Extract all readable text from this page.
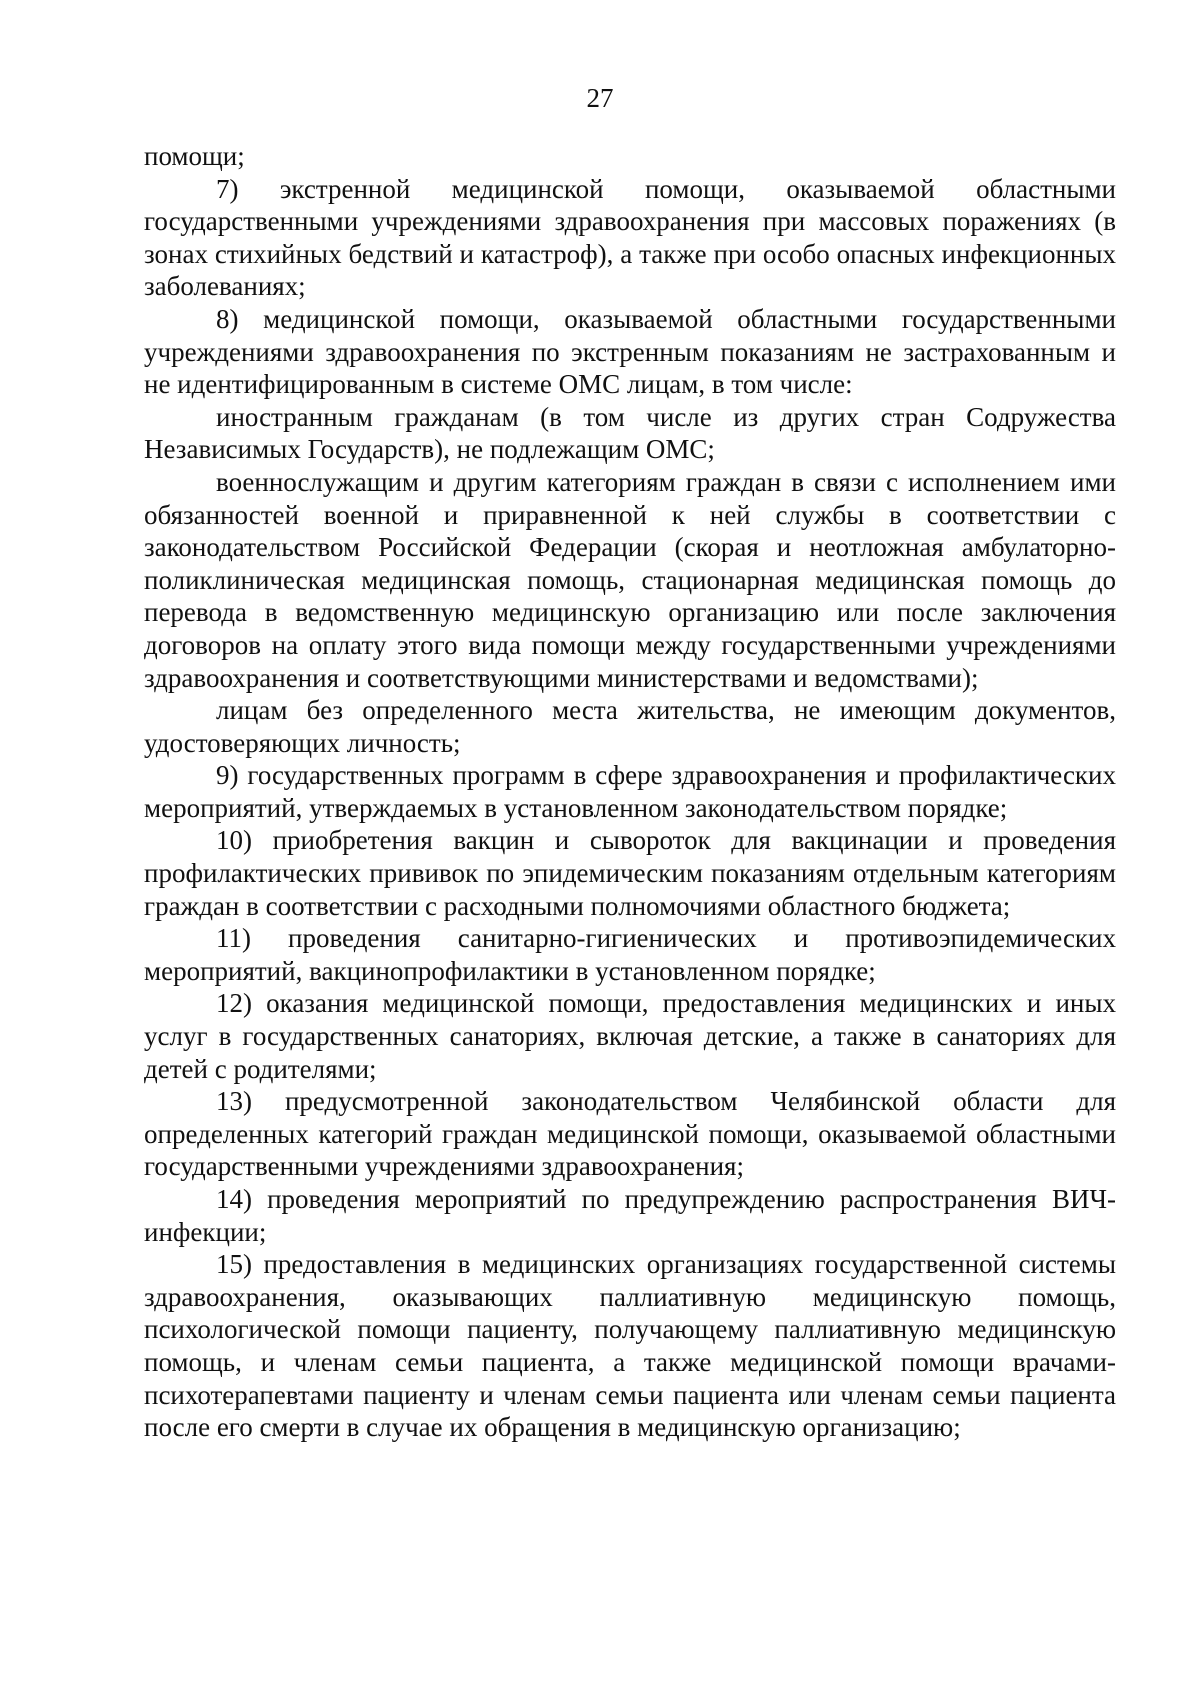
27

помощи;

7) экстренной медицинской помощи, оказываемой областными государственными учреждениями здравоохранения при массовых поражениях (в зонах стихийных бедствий и катастроф), а также при особо опасных инфекционных заболеваниях;

8) медицинской помощи, оказываемой областными государственными учреждениями здравоохранения по экстренным показаниям не застрахованным и не идентифицированным в системе ОМС лицам, в том числе:

иностранным гражданам (в том числе из других стран Содружества Независимых Государств), не подлежащим ОМС;

военнослужащим и другим категориям граждан в связи с исполнением ими обязанностей военной и приравненной к ней службы в соответствии с законодательством Российской Федерации (скорая и неотложная амбулаторно-поликлиническая медицинская помощь, стационарная медицинская помощь до перевода в ведомственную медицинскую организацию или после заключения договоров на оплату этого вида помощи между государственными учреждениями здравоохранения и соответствующими министерствами и ведомствами);

лицам без определенного места жительства, не имеющим документов, удостоверяющих личность;

9) государственных программ в сфере здравоохранения и профилактических мероприятий, утверждаемых в установленном законодательством порядке;

10) приобретения вакцин и сывороток для вакцинации и проведения профилактических прививок по эпидемическим показаниям отдельным категориям граждан в соответствии с расходными полномочиями областного бюджета;

11) проведения санитарно-гигиенических и противоэпидемических мероприятий, вакцинопрофилактики в установленном порядке;

12) оказания медицинской помощи, предоставления медицинских и иных услуг в государственных санаториях, включая детские, а также в санаториях для детей с родителями;

13) предусмотренной законодательством Челябинской области для определенных категорий граждан медицинской помощи, оказываемой областными государственными учреждениями здравоохранения;

14) проведения мероприятий по предупреждению распространения ВИЧ-инфекции;

15) предоставления в медицинских организациях государственной системы здравоохранения, оказывающих паллиативную медицинскую помощь, психологической помощи пациенту, получающему паллиативную медицинскую помощь, и членам семьи пациента, а также медицинской помощи врачами-психотерапевтами пациенту и членам семьи пациента или членам семьи пациента после его смерти в случае их обращения в медицинскую организацию;
